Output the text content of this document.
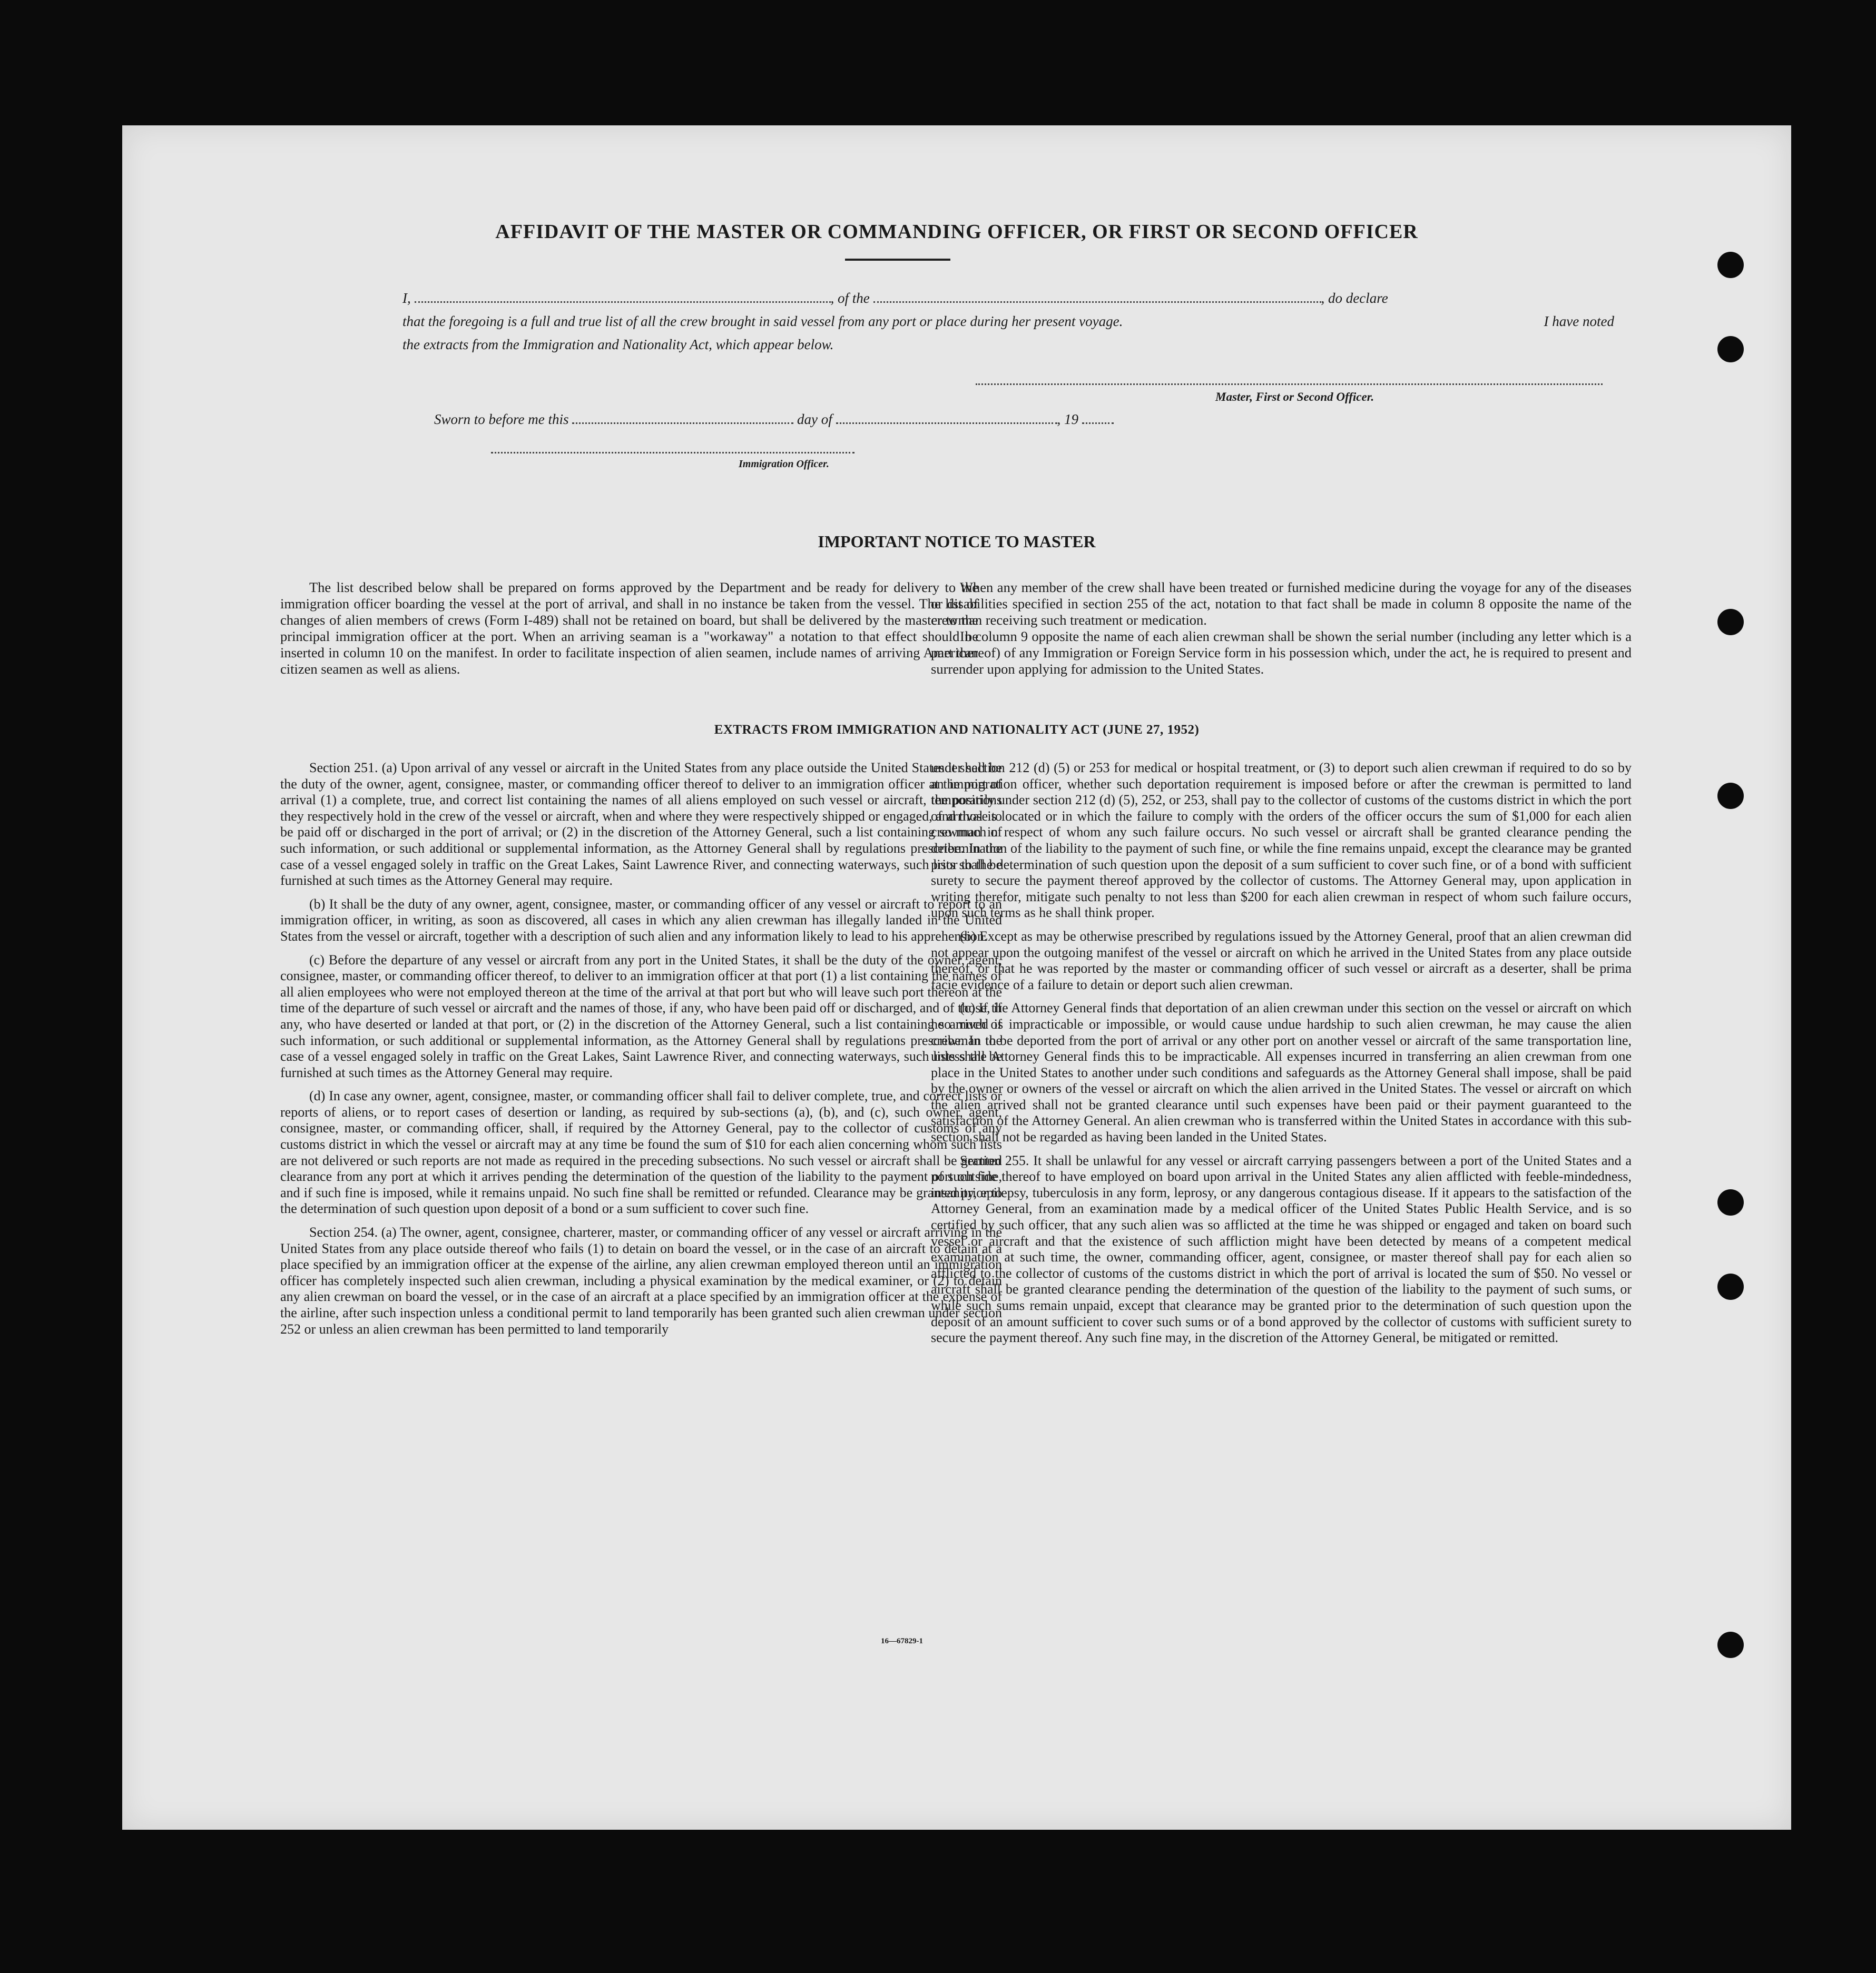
AFFIDAVIT OF THE MASTER OR COMMANDING OFFICER, OR FIRST OR SECOND OFFICER
I,	, of the	, do declare
that the foregoing is a full and true list of all the crew brought in said vessel from any port or place during her present voyage.	I have noted
the extracts from the Immigration and Nationality Act, which appear below.
Master, First or Second Officer.
Sworn to before me this	day of	, 19
Immigration Officer.
IMPORTANT NOTICE TO MASTER

The list described below shall be prepared on forms approved by the Department and be ready for delivery to the immigration officer boarding the vessel at the port of arrival, and shall in no instance be taken from the vessel. The list of changes of alien members of crews (Form I-489) shall not be retained on board, but shall be delivered by the master to the principal immigration officer at the port. When an arriving seaman is a "workaway" a notation to that effect should be inserted in column 10 on the manifest. In order to facilitate inspection of alien seamen, include names of arriving American citizen seamen as well as aliens.

When any member of the crew shall have been treated or furnished medicine during the voyage for any of the diseases or disabilities specified in section 255 of the act, notation to that fact shall be made in column 8 opposite the name of the crewman receiving such treatment or medication.

In column 9 opposite the name of each alien crewman shall be shown the serial number (including any letter which is a part thereof) of any Immigration or Foreign Service form in his possession which, under the act, he is required to present and surrender upon applying for admission to the United States.

EXTRACTS FROM IMMIGRATION AND NATIONALITY ACT (JUNE 27, 1952)

Section 251. (a) Upon arrival of any vessel or aircraft in the United States from any place outside the United States it shall be the duty of the owner, agent, consignee, master, or commanding officer thereof to deliver to an immigration officer at the port of arrival (1) a complete, true, and correct list containing the names of all aliens employed on such vessel or aircraft, the positions they respectively hold in the crew of the vessel or aircraft, when and where they were respectively shipped or engaged, and those to be paid off or discharged in the port of arrival; or (2) in the discretion of the Attorney General, such a list containing so much of such information, or such additional or supplemental information, as the Attorney General shall by regulations prescribe. In the case of a vessel engaged solely in traffic on the Great Lakes, Saint Lawrence River, and connecting waterways, such lists shall be furnished at such times as the Attorney General may require.

(b) It shall be the duty of any owner, agent, consignee, master, or commanding officer of any vessel or aircraft to report to an immigration officer, in writing, as soon as discovered, all cases in which any alien crewman has illegally landed in the United States from the vessel or aircraft, together with a description of such alien and any information likely to lead to his apprehension.

(c) Before the departure of any vessel or aircraft from any port in the United States, it shall be the duty of the owner, agent, consignee, master, or commanding officer thereof, to deliver to an immigration officer at that port (1) a list containing the names of all alien employees who were not employed thereon at the time of the arrival at that port but who will leave such port thereon at the time of the departure of such vessel or aircraft and the names of those, if any, who have been paid off or discharged, and of those, if any, who have deserted or landed at that port, or (2) in the discretion of the Attorney General, such a list containing so much of such information, or such additional or supplemental information, as the Attorney General shall by regulations prescribe. In the case of a vessel engaged solely in traffic on the Great Lakes, Saint Lawrence River, and connecting waterways, such lists shall be furnished at such times as the Attorney General may require.

(d) In case any owner, agent, consignee, master, or commanding officer shall fail to deliver complete, true, and correct lists or reports of aliens, or to report cases of desertion or landing, as required by sub-sections (a), (b), and (c), such owner, agent, consignee, master, or commanding officer, shall, if required by the Attorney General, pay to the collector of customs of any customs district in which the vessel or aircraft may at any time be found the sum of $10 for each alien concerning whom such lists are not delivered or such reports are not made as required in the preceding subsections. No such vessel or aircraft shall be granted clearance from any port at which it arrives pending the determination of the question of the liability to the payment of such fine, and if such fine is imposed, while it remains unpaid. No such fine shall be remitted or refunded. Clearance may be granted prior to the determination of such question upon deposit of a bond or a sum sufficient to cover such fine.

Section 254. (a) The owner, agent, consignee, charterer, master, or commanding officer of any vessel or aircraft arriving in the United States from any place outside thereof who fails (1) to detain on board the vessel, or in the case of an aircraft to detain at a place specified by an immigration officer at the expense of the airline, any alien crewman employed thereon until an immigration officer has completely inspected such alien crewman, including a physical examination by the medical examiner, or (2) to detain any alien crewman on board the vessel, or in the case of an aircraft at a place specified by an immigration officer at the expense of the airline, after such inspection unless a conditional permit to land temporarily has been granted such alien crewman under section 252 or unless an alien crewman has been permitted to land temporarily

under section 212 (d) (5) or 253 for medical or hospital treatment, or (3) to deport such alien crewman if required to do so by an immigration officer, whether such deportation requirement is imposed before or after the crewman is permitted to land temporarily under section 212 (d) (5), 252, or 253, shall pay to the collector of customs of the customs district in which the port of arrival is located or in which the failure to comply with the orders of the officer occurs the sum of $1,000 for each alien crewman in respect of whom any such failure occurs. No such vessel or aircraft shall be granted clearance pending the determination of the liability to the payment of such fine, or while the fine remains unpaid, except the clearance may be granted prior to the determination of such question upon the deposit of a sum sufficient to cover such fine, or of a bond with sufficient surety to secure the payment thereof approved by the collector of customs. The Attorney General may, upon application in writing therefor, mitigate such penalty to not less than $200 for each alien crewman in respect of whom such failure occurs, upon such terms as he shall think proper.

(b) Except as may be otherwise prescribed by regulations issued by the Attorney General, proof that an alien crewman did not appear upon the outgoing manifest of the vessel or aircraft on which he arrived in the United States from any place outside thereof, or that he was reported by the master or commanding officer of such vessel or aircraft as a deserter, shall be prima facie evidence of a failure to detain or deport such alien crewman.

(c) If the Attorney General finds that deportation of an alien crewman under this section on the vessel or aircraft on which he arrived is impracticable or impossible, or would cause undue hardship to such alien crewman, he may cause the alien crewman to be deported from the port of arrival or any other port on another vessel or aircraft of the same transportation line, unless the Attorney General finds this to be impracticable. All expenses incurred in transferring an alien crewman from one place in the United States to another under such conditions and safeguards as the Attorney General shall impose, shall be paid by the owner or owners of the vessel or aircraft on which the alien arrived in the United States. The vessel or aircraft on which the alien arrived shall not be granted clearance until such expenses have been paid or their payment guaranteed to the satisfaction of the Attorney General. An alien crewman who is transferred within the United States in accordance with this sub-section shall not be regarded as having been landed in the United States.

Section 255. It shall be unlawful for any vessel or aircraft carrying passengers between a port of the United States and a port outside thereof to have employed on board upon arrival in the United States any alien afflicted with feeble-mindedness, insanity, epilepsy, tuberculosis in any form, leprosy, or any dangerous contagious disease. If it appears to the satisfaction of the Attorney General, from an examination made by a medical officer of the United States Public Health Service, and is so certified by such officer, that any such alien was so afflicted at the time he was shipped or engaged and taken on board such vessel or aircraft and that the existence of such affliction might have been detected by means of a competent medical examination at such time, the owner, commanding officer, agent, consignee, or master thereof shall pay for each alien so afflicted to the collector of customs of the customs district in which the port of arrival is located the sum of $50. No vessel or aircraft shall be granted clearance pending the determination of the question of the liability to the payment of such sums, or while such sums remain unpaid, except that clearance may be granted prior to the determination of such question upon the deposit of an amount sufficient to cover such sums or of a bond approved by the collector of customs with sufficient surety to secure the payment thereof. Any such fine may, in the discretion of the Attorney General, be mitigated or remitted.

16—67829-1
